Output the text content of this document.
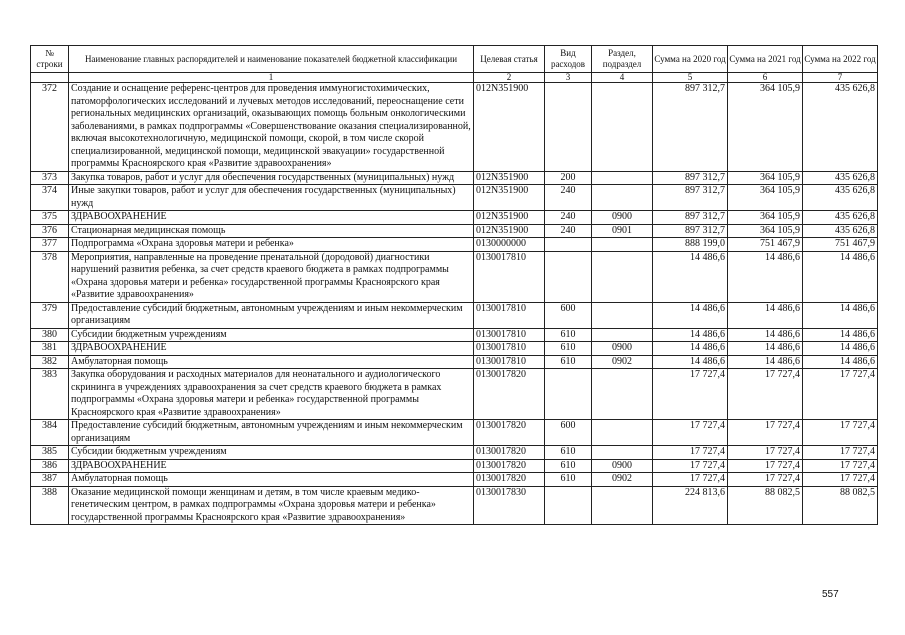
№ строки	Наименование главных распорядителей и наименование показателей бюджетной классификации	Целевая статья	Вид расходов	Раздел, подраздел	Сумма на 2020 год	Сумма на 2021 год	Сумма на 2022 год
	1	2	3	4	5	6	7
372	Создание и оснащение референс-центров для проведения иммуногистохимических, патоморфологических исследований и лучевых методов исследований, переоснащение сети региональных медицинских организаций, оказывающих помощь больным онкологическими заболеваниями, в рамках подпрограммы «Совершенствование оказания специализированной, включая высокотехнологичную, медицинской помощи, скорой, в том числе скорой специализированной, медицинской помощи, медицинской эвакуации» государственной программы Красноярского края «Развитие здравоохранения»	012N351900			897 312,7	364 105,9	435 626,8
373	Закупка товаров, работ и услуг для обеспечения государственных (муниципальных) нужд	012N351900	200		897 312,7	364 105,9	435 626,8
374	Иные закупки товаров, работ и услуг для обеспечения государственных (муниципальных) нужд	012N351900	240		897 312,7	364 105,9	435 626,8
375	ЗДРАВООХРАНЕНИЕ	012N351900	240	0900	897 312,7	364 105,9	435 626,8
376	Стационарная медицинская помощь	012N351900	240	0901	897 312,7	364 105,9	435 626,8
377	Подпрограмма «Охрана здоровья матери и ребенка»	0130000000			888 199,0	751 467,9	751 467,9
378	Мероприятия, направленные на проведение пренатальной (дородовой) диагностики нарушений развития ребенка, за счет средств краевого бюджета в рамках подпрограммы «Охрана здоровья матери и ребенка» государственной программы Красноярского края «Развитие здравоохранения»	0130017810			14 486,6	14 486,6	14 486,6
379	Предоставление субсидий бюджетным, автономным учреждениям и иным некоммерческим организациям	0130017810	600		14 486,6	14 486,6	14 486,6
380	Субсидии бюджетным учреждениям	0130017810	610		14 486,6	14 486,6	14 486,6
381	ЗДРАВООХРАНЕНИЕ	0130017810	610	0900	14 486,6	14 486,6	14 486,6
382	Амбулаторная помощь	0130017810	610	0902	14 486,6	14 486,6	14 486,6
383	Закупка оборудования и расходных материалов для неонатального и аудиологического скрининга в учреждениях здравоохранения за счет средств краевого бюджета в рамках подпрограммы «Охрана здоровья матери и ребенка» государственной программы Красноярского края «Развитие здравоохранения»	0130017820			17 727,4	17 727,4	17 727,4
384	Предоставление субсидий бюджетным, автономным учреждениям и иным некоммерческим организациям	0130017820	600		17 727,4	17 727,4	17 727,4
385	Субсидии бюджетным учреждениям	0130017820	610		17 727,4	17 727,4	17 727,4
386	ЗДРАВООХРАНЕНИЕ	0130017820	610	0900	17 727,4	17 727,4	17 727,4
387	Амбулаторная помощь	0130017820	610	0902	17 727,4	17 727,4	17 727,4
388	Оказание медицинской помощи женщинам и детям, в том числе краевым медико-генетическим центром, в рамках подпрограммы «Охрана здоровья матери и ребенка» государственной программы Красноярского края «Развитие здравоохранения»	0130017830			224 813,6	88 082,5	88 082,5
557
